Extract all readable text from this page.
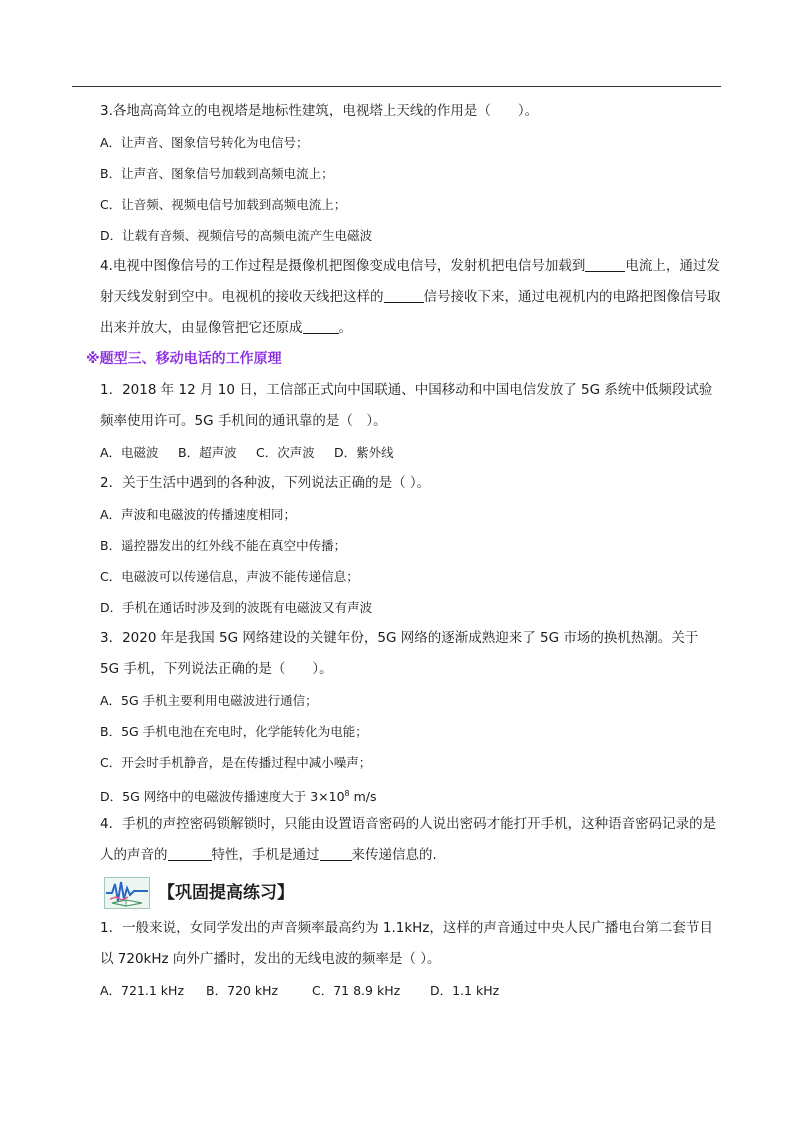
3.各地高高耸立的电视塔是地标性建筑，电视塔上天线的作用是（　　）。
A．让声音、图象信号转化为电信号；
B．让声音、图象信号加载到高频电流上；
C．让音频、视频电信号加载到高频电流上；
D．让载有音频、视频信号的高频电流产生电磁波
4.电视中图像信号的工作过程是摄像机把图像变成电信号，发射机把电信号加载到	电流上，通过发射天线发射到空中。电视机的接收天线把这样的	信号接收下来，通过电视机内的电路把图像信号取出来并放大，由显像管把它还原成	。
※题型三、移动电话的工作原理
1．2018 年 12 月 10 日，工信部正式向中国联通、中国移动和中国电信发放了 5G 系统中低频段试验频率使用许可。5G 手机间的通讯靠的是（　）。
A．电磁波 B．超声波 C．次声波 D．紫外线
2．关于生活中遇到的各种波，下列说法正确的是（ ）。
A．声波和电磁波的传播速度相同；
B．遥控器发出的红外线不能在真空中传播；
C．电磁波可以传递信息，声波不能传递信息；
D．手机在通话时涉及到的波既有电磁波又有声波
3．2020 年是我国 5G 网络建设的关键年份，5G 网络的逐渐成熟迎来了 5G 市场的换机热潮。关于 5G 手机，下列说法正确的是（　　）。
A．5G 手机主要利用电磁波进行通信；
B．5G 手机电池在充电时，化学能转化为电能；
C．开会时手机静音，是在传播过程中减小噪声；
D．5G 网络中的电磁波传播速度大于 $3\times 10^8$ m/s
4．手机的声控密码锁解锁时，只能由设置语音密码的人说出密码才能打开手机，这种语音密码记录的是人的声音的	特性，手机是通过 来传递信息的.
【巩固提高练习】
1．一般来说，女同学发出的声音频率最高约为 1.1kHz，这样的声音通过中央人民广播电台第二套节目以 720kHz 向外广播时，发出的无线电波的频率是（ ）。
A．721.1 kHz B．720 kHz	C．71 8.9 kHz D．1.1 kHz
